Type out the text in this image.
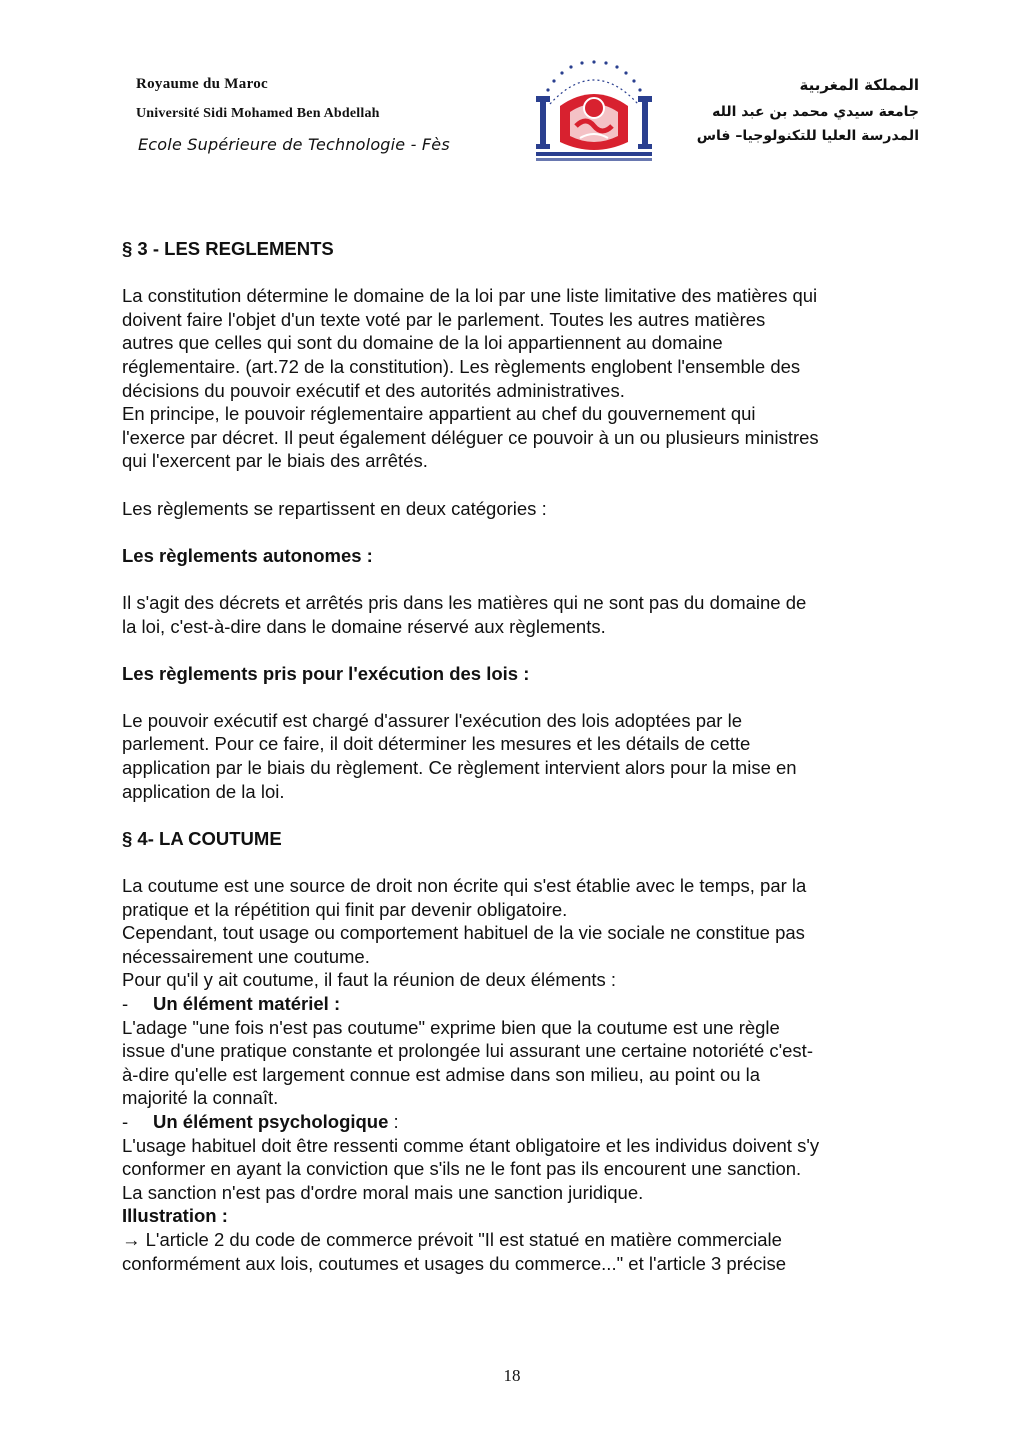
Royaume du Maroc
Université Sidi Mohamed Ben Abdellah
Ecole Supérieure de Technologie - Fès
المملكة المغربية
جامعة سيدي محمد بن عبد الله
المدرسة العليا للتكنولوجيا– فاس

§ 3 - LES REGLEMENTS

La constitution détermine le domaine de la loi par une liste limitative des matières qui
doivent faire l'objet d'un texte voté par le parlement. Toutes les autres matières
autres que celles qui sont du domaine de la loi appartiennent au domaine
réglementaire. (art.72 de la constitution). Les règlements englobent l'ensemble des
décisions du pouvoir exécutif et des autorités administratives.
En principe, le pouvoir réglementaire appartient au chef du gouvernement qui
l'exerce par décret. Il peut également déléguer ce pouvoir à un ou plusieurs ministres
qui l'exercent par le biais des arrêtés.

Les règlements se repartissent en deux catégories :

Les règlements autonomes :

Il s'agit des décrets et arrêtés pris dans les matières qui ne sont pas du domaine de
la loi, c'est-à-dire dans le domaine réservé aux règlements.

Les règlements pris pour l'exécution des lois :

Le pouvoir exécutif est chargé d'assurer l'exécution des lois adoptées par le
parlement. Pour ce faire, il doit déterminer les mesures et les détails de cette
application par le biais du règlement. Ce règlement intervient alors pour la mise en
application de la loi.

§ 4- LA COUTUME

La coutume est une source de droit non écrite qui s'est établie avec le temps, par la
pratique et la répétition qui finit par devenir obligatoire.
Cependant, tout usage ou comportement habituel de la vie sociale ne constitue pas
nécessairement une coutume.
Pour qu'il y ait coutume, il faut la réunion de deux éléments :
- Un élément matériel :
L'adage "une fois n'est pas coutume" exprime bien que la coutume est une règle
issue d'une pratique constante et prolongée lui assurant une certaine notoriété c'est-
à-dire qu'elle est largement connue est admise dans son milieu, au point ou la
majorité la connaît.
- Un élément psychologique :
L'usage habituel doit être ressenti comme étant obligatoire et les individus doivent s'y
conformer en ayant la conviction que s'ils ne le font pas ils encourent une sanction.
La sanction n'est pas d'ordre moral mais une sanction juridique.
Illustration :
→ L'article 2 du code de commerce prévoit "Il est statué en matière commerciale
conformément aux lois, coutumes et usages du commerce..." et l'article 3 précise

18
